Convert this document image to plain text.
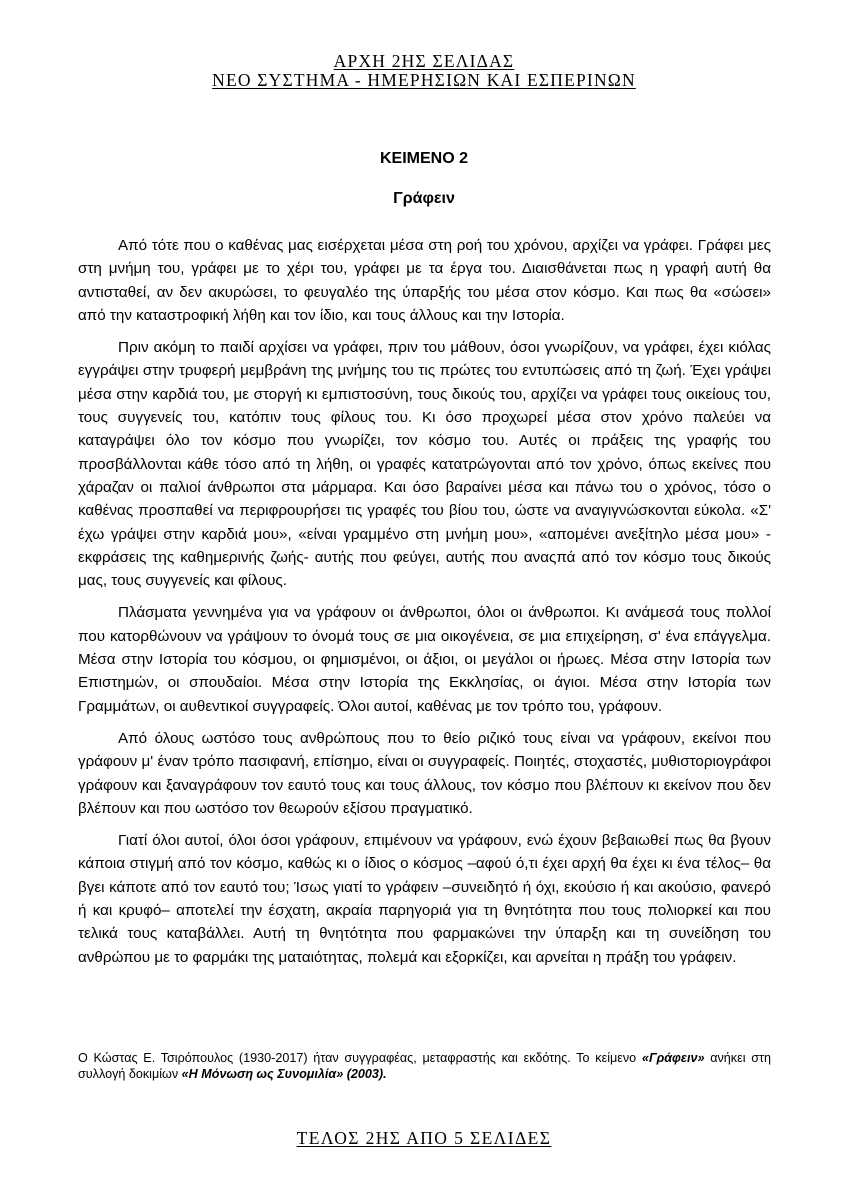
ΑΡΧΗ 2ΗΣ ΣΕΛΙΔΑΣ
ΝΕΟ ΣΥΣΤΗΜΑ - ΗΜΕΡΗΣΙΩΝ ΚΑΙ ΕΣΠΕΡΙΝΩΝ
ΚΕΙΜΕΝΟ 2
Γράφειν

Από τότε που ο καθένας μας εισέρχεται μέσα στη ροή του χρόνου, αρχίζει να γράφει. Γράφει μες στη μνήμη του, γράφει με το χέρι του, γράφει με τα έργα του. Διαισθάνεται πως η γραφή αυτή θα αντισταθεί, αν δεν ακυρώσει, το φευγαλέο της ύπαρξής του μέσα στον κόσμο. Και πως θα «σώσει» από την καταστροφική λήθη και τον ίδιο, και τους άλλους και την Ιστορία.

Πριν ακόμη το παιδί αρχίσει να γράφει, πριν του μάθουν, όσοι γνωρίζουν, να γράφει, έχει κιόλας εγγράψει στην τρυφερή μεμβράνη της μνήμης του τις πρώτες του εντυπώσεις από τη ζωή. Έχει γράψει μέσα στην καρδιά του, με στοργή κι εμπιστοσύνη, τους δικούς του, αρχίζει να γράφει τους οικείους του, τους συγγενείς του, κατόπιν τους φίλους του. Κι όσο προχωρεί μέσα στον χρόνο παλεύει να καταγράψει όλο τον κόσμο που γνωρίζει, τον κόσμο του. Αυτές οι πράξεις της γραφής του προσβάλλονται κάθε τόσο από τη λήθη, οι γραφές κατατρώγονται από τον χρόνο, όπως εκείνες που χάραζαν οι παλιοί άνθρωποι στα μάρμαρα. Και όσο βαραίνει μέσα και πάνω του ο χρόνος, τόσο ο καθένας προσπαθεί να περιφρουρήσει τις γραφές του βίου του, ώστε να αναγιγνώσκονται εύκολα. «Σ' έχω γράψει στην καρδιά μου», «είναι γραμμένο στη μνήμη μου», «απομένει ανεξίτηλο μέσα μου» - εκφράσεις της καθημερινής ζωής- αυτής που φεύγει, αυτής που αναςπά από τον κόσμο τους δικούς μας, τους συγγενείς και φίλους.

Πλάσματα γεννημένα για να γράφουν οι άνθρωποι, όλοι οι άνθρωποι. Κι ανάμεσά τους πολλοί που κατορθώνουν να γράψουν το όνομά τους σε μια οικογένεια, σε μια επιχείρηση, σ' ένα επάγγελμα. Μέσα στην Ιστορία του κόσμου, οι φημισμένοι, οι άξιοι, οι μεγάλοι οι ήρωες. Μέσα στην Ιστορία των Επιστημών, οι σπουδαίοι. Μέσα στην Ιστορία της Εκκλησίας, οι άγιοι. Μέσα στην Ιστορία των Γραμμάτων, οι αυθεντικοί συγγραφείς. Όλοι αυτοί, καθένας με τον τρόπο του, γράφουν.

Από όλους ωστόσο τους ανθρώπους που το θείο ριζικό τους είναι να γράφουν, εκείνοι που γράφουν μ' έναν τρόπο πασιφανή, επίσημο, είναι οι συγγραφείς. Ποιητές, στοχαστές, μυθιστοριογράφοι γράφουν και ξαναγράφουν τον εαυτό τους και τους άλλους, τον κόσμο που βλέπουν κι εκείνον που δεν βλέπουν και που ωστόσο τον θεωρούν εξίσου πραγματικό.

Γιατί όλοι αυτοί, όλοι όσοι γράφουν, επιμένουν να γράφουν, ενώ έχουν βεβαιωθεί πως θα βγουν κάποια στιγμή από τον κόσμο, καθώς κι ο ίδιος ο κόσμος –αφού ό,τι έχει αρχή θα έχει κι ένα τέλος– θα βγει κάποτε από τον εαυτό του; Ίσως γιατί το γράφειν –συνειδητό ή όχι, εκούσιο ή και ακούσιο, φανερό ή και κρυφό– αποτελεί την έσχατη, ακραία παρηγοριά για τη θνητότητα που τους πολιορκεί και που τελικά τους καταβάλλει. Αυτή τη θνητότητα που φαρμακώνει την ύπαρξη και τη συνείδηση του ανθρώπου με το φαρμάκι της ματαιότητας, πολεμά και εξορκίζει, και αρνείται η πράξη του γράφειν.

Ο Κώστας Ε. Τσιρόπουλος (1930-2017) ήταν συγγραφέας, μεταφραστής και εκδότης. Το κείμενο «Γράφειν» ανήκει στη συλλογή δοκιμίων «Η Μόνωση ως Συνομιλία» (2003).
ΤΕΛΟΣ 2ΗΣ ΑΠΟ 5 ΣΕΛΙΔΕΣ
